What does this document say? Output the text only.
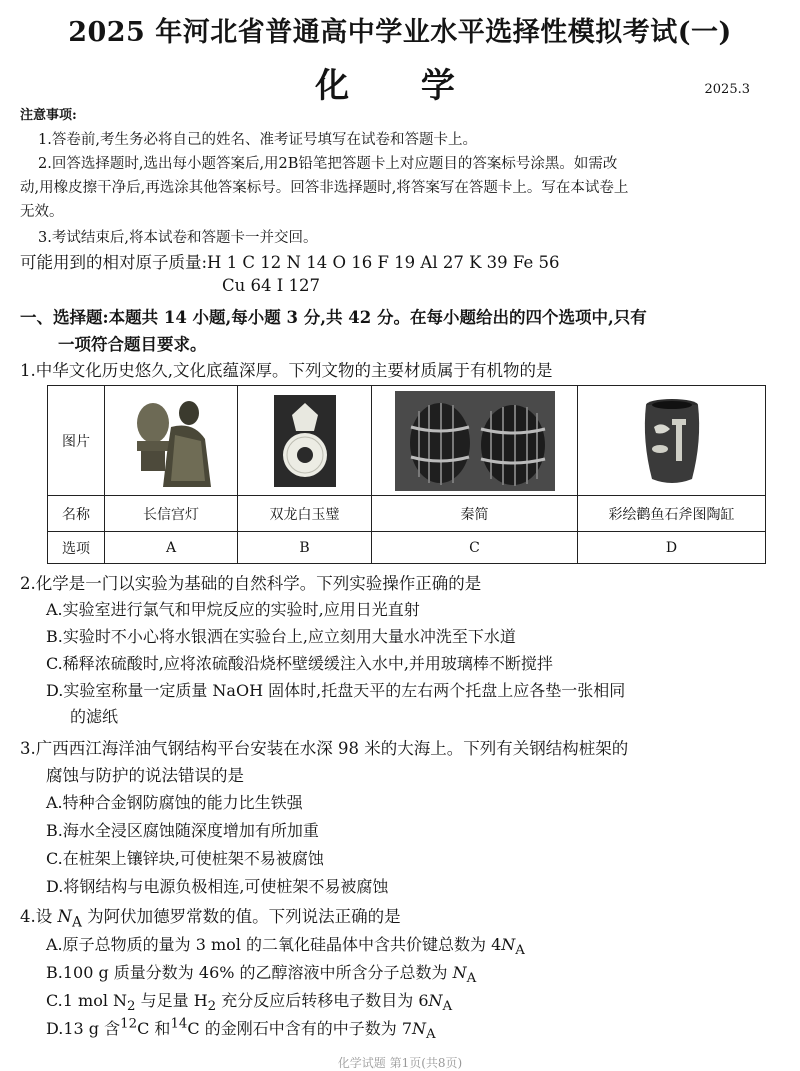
2025 年河北省普通高中学业水平选择性模拟考试(一)
化 学	2025.3
注意事项:
1.答卷前,考生务必将自己的姓名、准考证号填写在试卷和答题卡上。
2.回答选择题时,选出每小题答案后,用2B铅笔把答题卡上对应题目的答案标号涂黑。如需改
动,用橡皮擦干净后,再选涂其他答案标号。回答非选择题时,将答案写在答题卡上。写在本试卷上
无效。
3.考试结束后,将本试卷和答题卡一并交回。
可能用到的相对原子质量:H 1 C 12 N 14 O 16 F 19 Al 27 K 39 Fe 56
Cu 64 I 127
一、选择题:本题共 14 小题,每小题 3 分,共 42 分。在每小题给出的四个选项中,只有
一项符合题目要求。
1.中华文化历史悠久,文化底蕴深厚。下列文物的主要材质属于有机物的是
图片	

名称	长信宫灯	双龙白玉璧	秦简	彩绘鹳鱼石斧图陶缸
选项	A	B	C	D
2.化学是一门以实验为基础的自然科学。下列实验操作正确的是
A.实验室进行氯气和甲烷反应的实验时,应用日光直射
B.实验时不小心将水银洒在实验台上,应立刻用大量水冲洗至下水道
C.稀释浓硫酸时,应将浓硫酸沿烧杯壁缓缓注入水中,并用玻璃棒不断搅拌
D.实验室称量一定质量 NaOH 固体时,托盘天平的左右两个托盘上应各垫一张相同
的滤纸
3.广西西江海洋油气钢结构平台安装在水深 98 米的大海上。下列有关钢结构桩架的
腐蚀与防护的说法错误的是
A.特种合金钢防腐蚀的能力比生铁强
B.海水全浸区腐蚀随深度增加有所加重
C.在桩架上镶锌块,可使桩架不易被腐蚀
D.将钢结构与电源负极相连,可使桩架不易被腐蚀
4.设 $N_A$ 为阿伏加德罗常数的值。下列说法正确的是
A.原子总物质的量为 3 mol 的二氧化硅晶体中含共价键总数为 $4N_A$
B.100 g 质量分数为 46% 的乙醇溶液中所含分子总数为 $N_A$
C.1 mol $N_2$ 与足量 $H_2$ 充分反应后转移电子数目为 $6N_A$
D.13 g 含$^{12}$C 和$^{14}$C 的金刚石中含有的中子数为 $7N_A$
化学试题 第1页(共8页)
